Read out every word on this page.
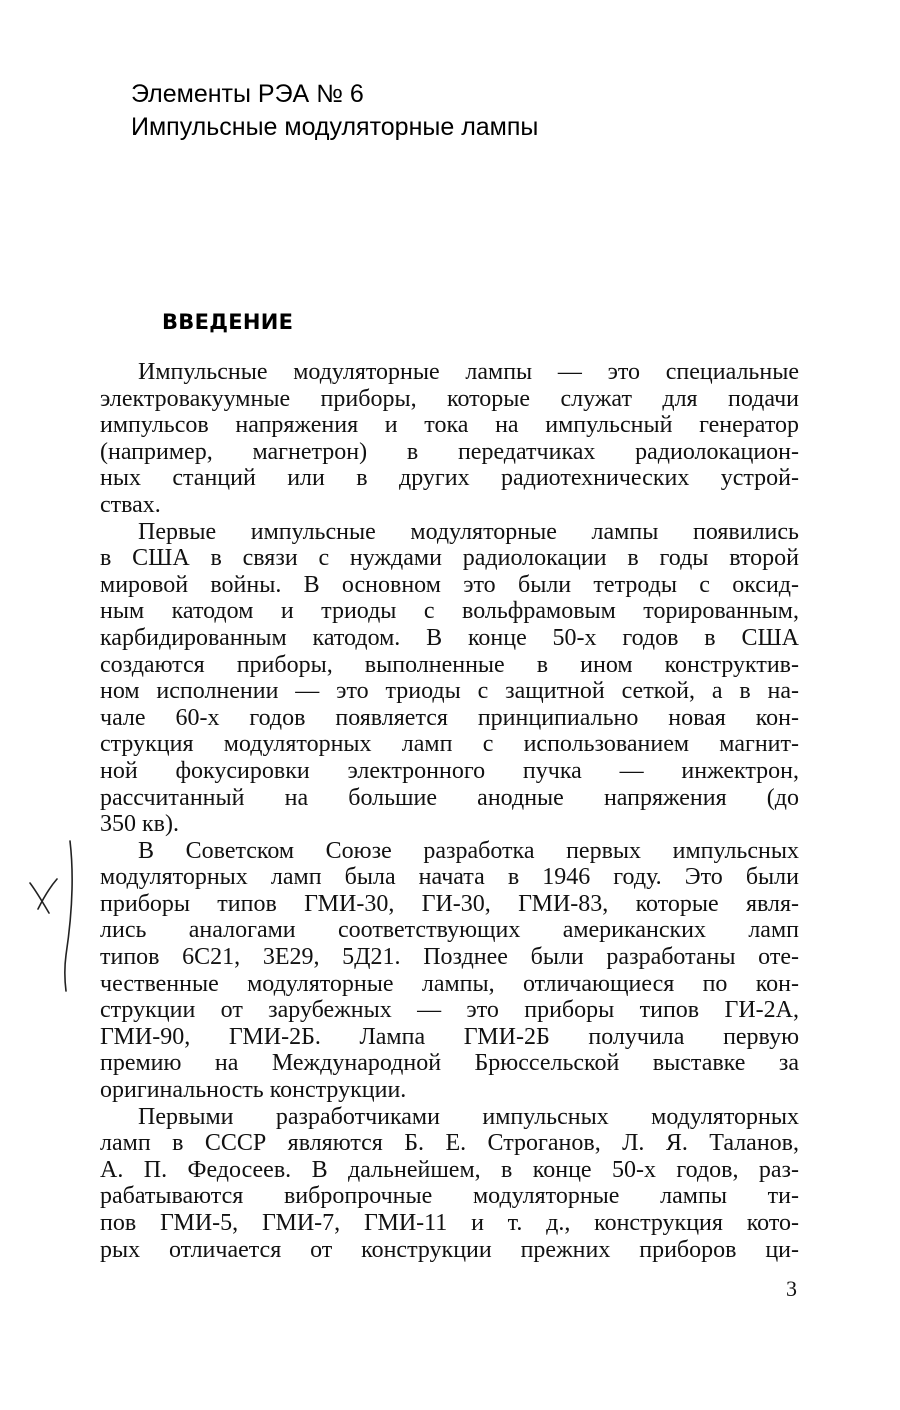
Элементы РЭА № 6
Импульсные модуляторные лампы
ВВЕДЕНИЕ
Импульсные модуляторные лампы — это специальные
электровакуумные приборы, которые служат для подачи
импульсов напряжения и тока на импульсный генератор
(например, магнетрон) в передатчиках радиолокацион-
ных станций или в других радиотехнических устрой-
ствах.
Первые импульсные модуляторные лампы появились
в США в связи с нуждами радиолокации в годы второй
мировой войны. В основном это были тетроды с оксид-
ным катодом и триоды с вольфрамовым торированным,
карбидированным катодом. В конце 50-х годов в США
создаются приборы, выполненные в ином конструктив-
ном исполнении — это триоды с защитной сеткой, а в на-
чале 60-х годов появляется принципиально новая кон-
струкция модуляторных ламп с использованием магнит-
ной фокусировки электронного пучка — инжектрон,
рассчитанный на большие анодные напряжения (до
350 кв).
В Советском Союзе разработка первых импульсных
модуляторных ламп была начата в 1946 году. Это были
приборы типов ГМИ-30, ГИ-30, ГМИ-83, которые явля-
лись аналогами соответствующих американских ламп
типов 6С21, 3Е29, 5Д21. Позднее были разработаны оте-
чественные модуляторные лампы, отличающиеся по кон-
струкции от зарубежных — это приборы типов ГИ-2А,
ГМИ-90, ГМИ-2Б. Лампа ГМИ-2Б получила первую
премию на Международной Брюссельской выставке за
оригинальность конструкции.
Первыми разработчиками импульсных модуляторных
ламп в СССР являются Б. Е. Строганов, Л. Я. Таланов,
А. П. Федосеев. В дальнейшем, в конце 50-х годов, раз-
рабатываются вибропрочные модуляторные лампы ти-
пов ГМИ-5, ГМИ-7, ГМИ-11 и т. д., конструкция кото-
рых отличается от конструкции прежних приборов ци-
3
